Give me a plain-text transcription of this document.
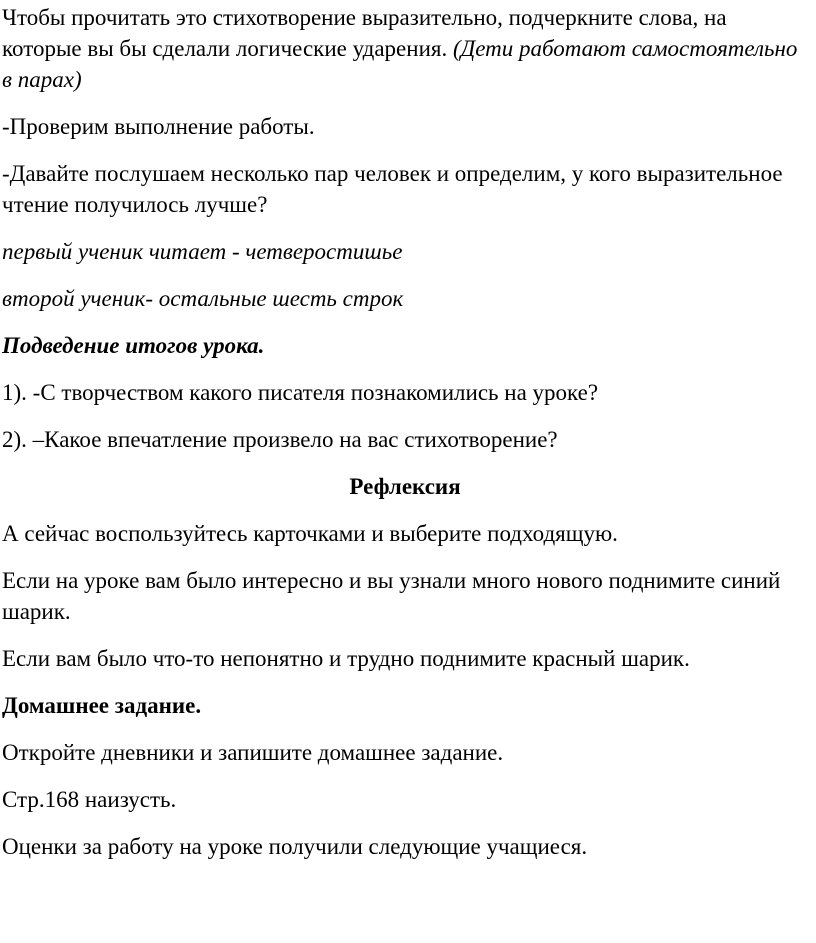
Чтобы прочитать это стихотворение выразительно, подчеркните слова, на которые вы бы сделали логические ударения. (Дети работают самостоятельно в парах)

-Проверим выполнение работы.

-Давайте послушаем несколько пар человек и определим, у кого выразительное чтение получилось лучше?

первый ученик читает - четверостишье

второй ученик- остальные шесть строк

Подведение итогов урока.

1). -С творчеством какого писателя познакомились на уроке?

2). –Какое впечатление произвело на вас стихотворение?

Рефлексия

А сейчас воспользуйтесь карточками и выберите подходящую.

Если на уроке вам было интересно и вы узнали много нового поднимите синий шарик.

Если вам было что-то непонятно и трудно поднимите красный шарик.

Домашнее задание.

Откройте дневники и запишите домашнее задание.

Стр.168 наизусть.

Оценки за работу на уроке получили следующие учащиеся.
